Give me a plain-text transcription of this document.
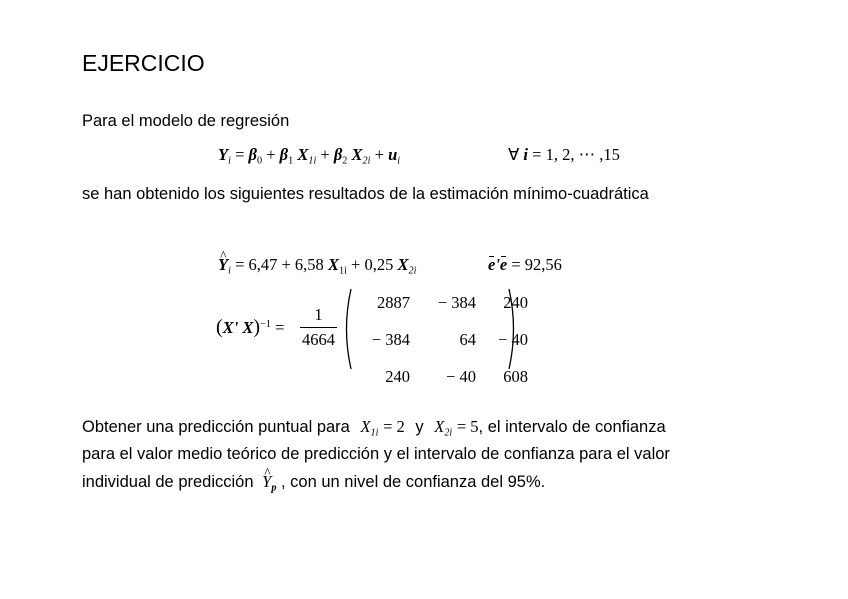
EJERCICIO
Para el modelo de regresión
$Y_i = \beta_0 + \beta_1$ $X_{1i} + \beta_2$ $X_{2i} + u_i$	∀ i = 1, 2, ⋯ ,15
se han obtenido los siguientes resultados de la estimación mínimo-cuadrática
^ $Y_i = 6,47 + 6,58$ $X_{1i} + 0,25$ $X_{2i}$	e'e = 92,56
(X' $X)^{-1} = \frac{1}{4664}$
2887	− 384	240
− 384	64	− 40
240	− 40	608
Obtener una predicción puntual para $X_{1i} = 2$ y $X_{2i} = 5$, el intervalo de confianza
para el valor medio teórico de predicción y el intervalo de confianza para el valor
individual de predicción ^ $Y_p$ , con un nivel de confianza del 95%.
